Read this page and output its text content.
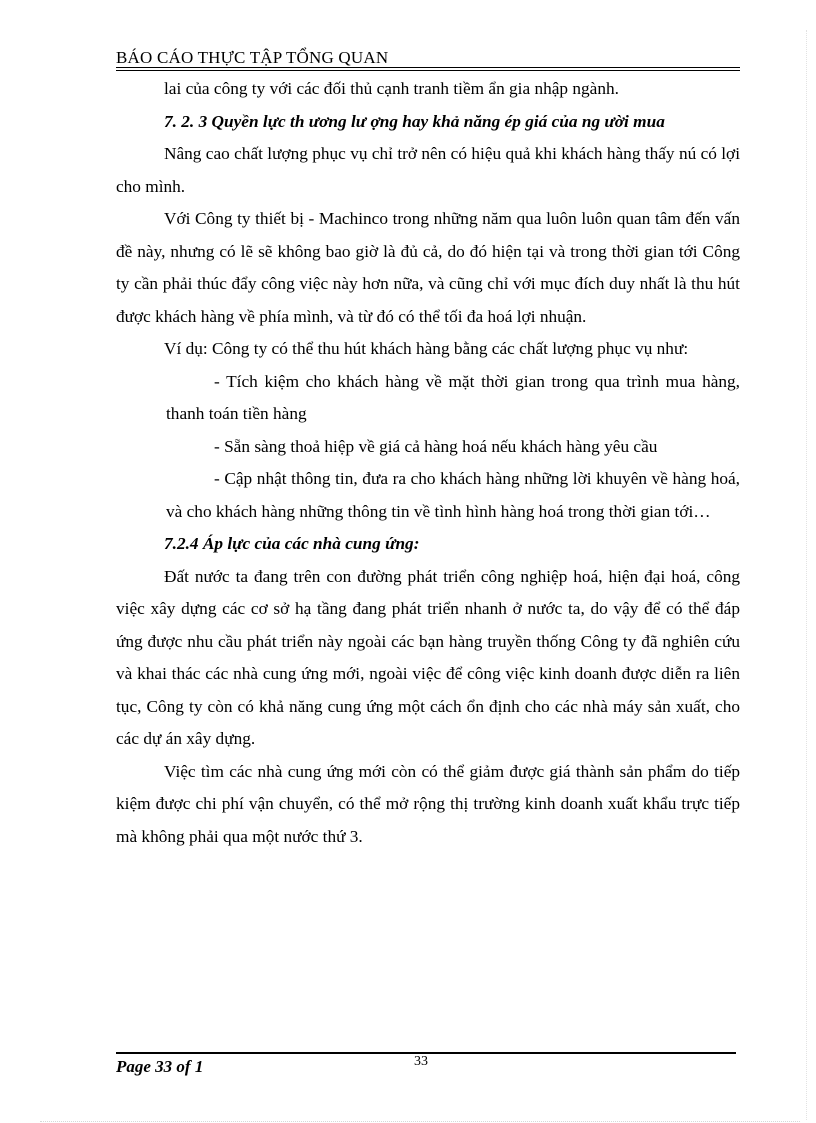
BÁO CÁO THỰC TẬP TỔNG QUAN

lai của công ty với các đối thủ cạnh tranh tiềm ẩn gia nhập ngành.

7. 2. 3 Quyền lực th ương lư ợng hay khả năng ép giá của ng ười mua

Nâng cao chất lượng phục vụ chỉ trở nên có hiệu quả khi khách hàng thấy nú có lợi cho mình.

Với Công ty thiết bị - Machinco trong những năm qua luôn luôn quan tâm đến vấn đề này, nhưng có lẽ sẽ không bao giờ là đủ cả, do đó hiện tại và trong thời gian tới Công ty cần phải thúc đẩy công việc này hơn nữa, và cũng chỉ với mục đích duy nhất là thu hút được khách hàng về phía mình, và từ đó có thể tối đa hoá lợi nhuận.

Ví dụ: Công ty có thể thu hút khách hàng bằng các chất lượng phục vụ như:

- Tích kiệm cho khách hàng về mặt thời gian trong qua trình mua hàng, thanh toán tiền hàng

- Sẵn sàng thoả hiệp về giá cả hàng hoá nếu khách hàng yêu cầu

- Cập nhật thông tin, đưa ra cho khách hàng những lời khuyên về hàng hoá, và cho khách hàng những thông tin về tình hình hàng hoá trong thời gian tới…

7.2.4 Áp lực của các nhà cung ứng:

Đất nước ta đang trên con đường phát triển công nghiệp hoá, hiện đại hoá, công việc xây dựng các cơ sở hạ tầng đang phát triển nhanh ở nước ta, do vậy để có thể đáp ứng được nhu cầu phát triển này ngoài các bạn hàng truyền thống Công ty đã nghiên cứu và khai thác các nhà cung ứng mới, ngoài việc để công việc kinh doanh được diễn ra liên tục, Công ty còn có khả năng cung ứng một cách ổn định cho các nhà máy sản xuất, cho các dự án xây dựng.

Việc tìm các nhà cung ứng mới còn có thể giảm được giá thành sản phẩm do tiếp kiệm được chi phí vận chuyển, có thể mở rộng thị trường kinh doanh xuất khẩu trực tiếp mà không phải qua một nước thứ 3.

Page 33 of 1	33
